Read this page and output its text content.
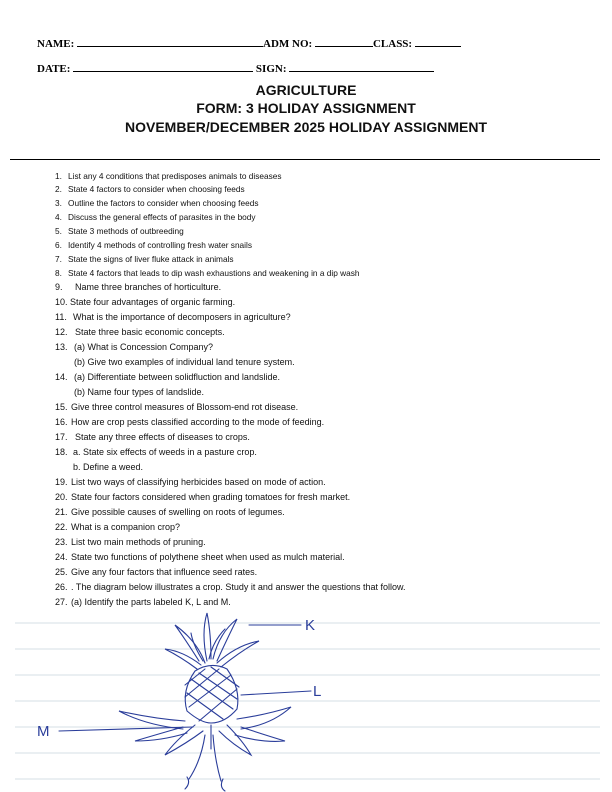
NAME:	ADM NO:	CLASS:
DATE:	SIGN:
AGRICULTURE
FORM: 3 HOLIDAY ASSIGNMENT
NOVEMBER/DECEMBER 2025 HOLIDAY ASSIGNMENT
1. List any 4 conditions that predisposes animals to diseases
2. State 4 factors to consider when choosing feeds
3. Outline the factors to consider when choosing feeds
4. Discuss the general effects of parasites in the body
5. State 3 methods of outbreeding
6. Identify 4 methods of controlling fresh water snails
7. State the signs of liver fluke attack in animals
8. State 4 factors that leads to dip wash exhaustions and weakening in a dip wash
9. Name three branches of horticulture.
10. State four advantages of organic farming.
11. What is the importance of decomposers in agriculture?
12. State three basic economic concepts.
13. (a) What is Concession Company?
(b) Give two examples of individual land tenure system.
14. (a) Differentiate between solidfluction and landslide.
(b) Name four types of landslide.
15. Give three control measures of Blossom-end rot disease.
16. How are crop pests classified according to the mode of feeding.
17. State any three effects of diseases to crops.
18. a. State six effects of weeds in a pasture crop.
b. Define a weed.
19. List two ways of classifying herbicides based on mode of action.
20. State four factors considered when grading tomatoes for fresh market.
21. Give possible causes of swelling on roots of legumes.
22. What is a companion crop?
23. List two main methods of pruning.
24. State two functions of polythene sheet when used as mulch material.
25. Give any four factors that influence seed rates.
26. . The diagram below illustrates a crop. Study it and answer the questions that follow.
27. (a) Identify the parts labeled K, L and M.
K
L
M
